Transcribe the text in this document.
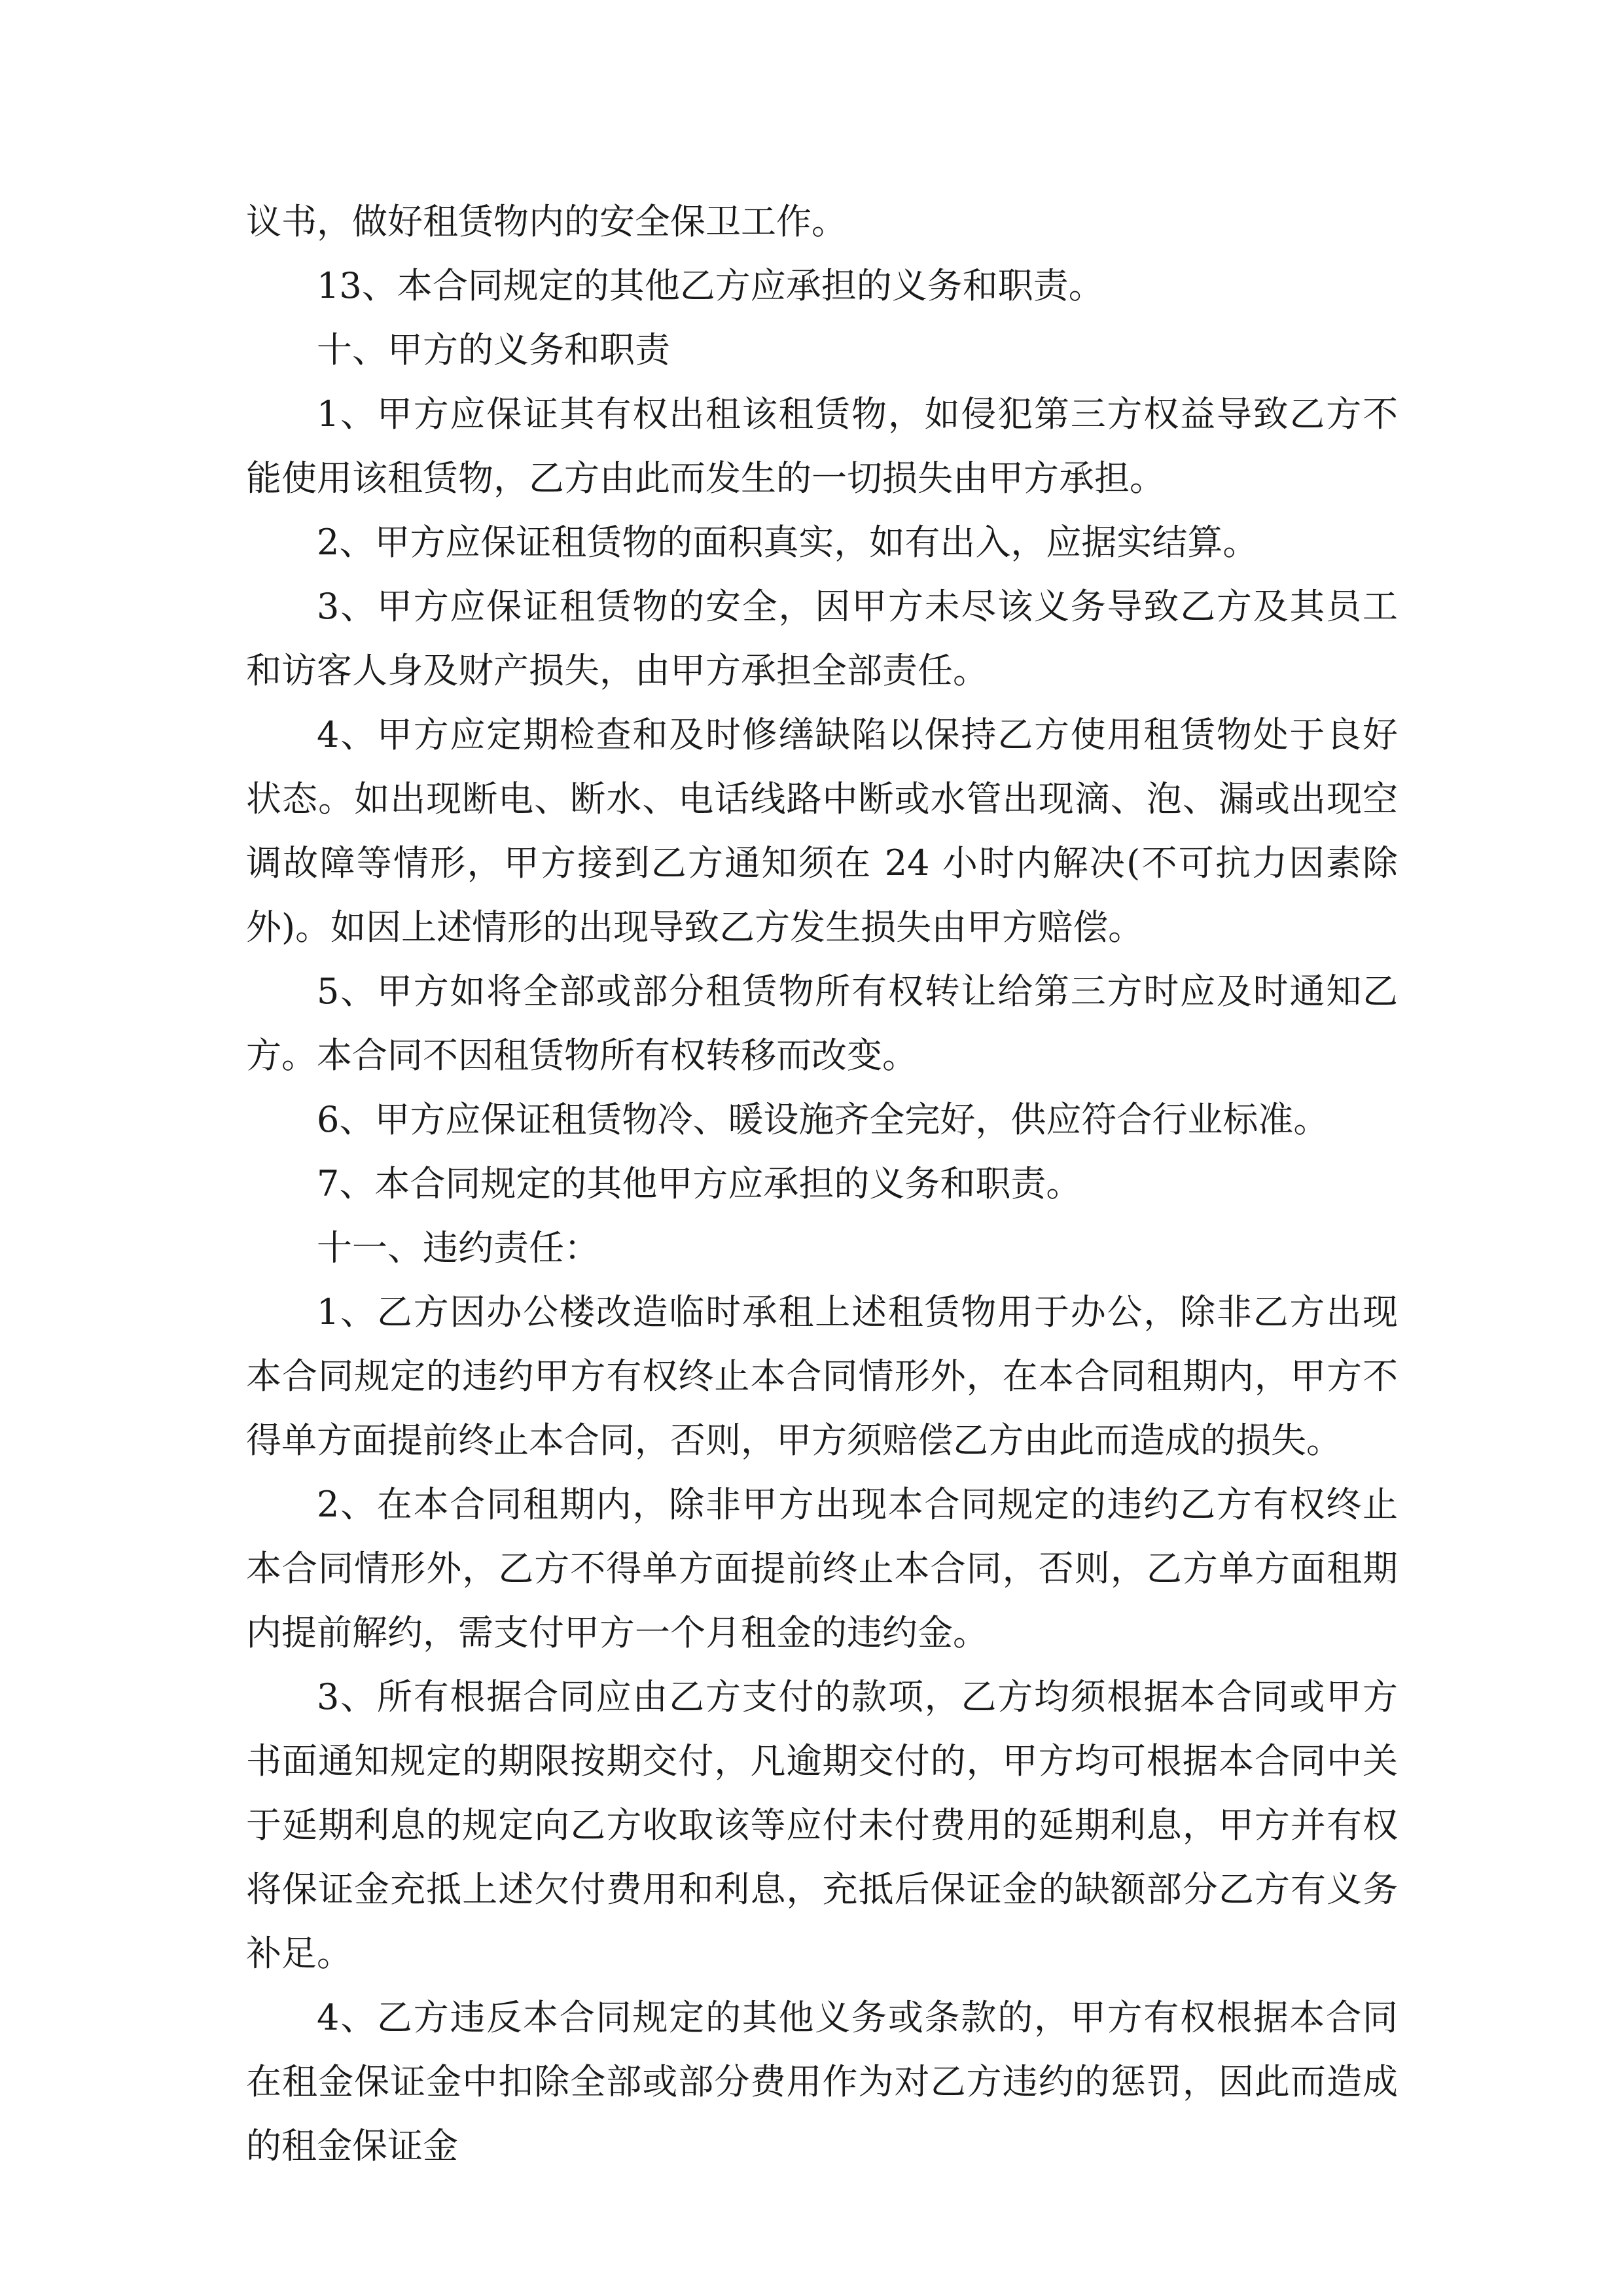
议书，做好租赁物内的安全保卫工作。

13、本合同规定的其他乙方应承担的义务和职责。

十、甲方的义务和职责

1、甲方应保证其有权出租该租赁物，如侵犯第三方权益导致乙方不能使用该租赁物，乙方由此而发生的一切损失由甲方承担。

2、甲方应保证租赁物的面积真实，如有出入，应据实结算。

3、甲方应保证租赁物的安全，因甲方未尽该义务导致乙方及其员工和访客人身及财产损失，由甲方承担全部责任。

4、甲方应定期检查和及时修缮缺陷以保持乙方使用租赁物处于良好状态。如出现断电、断水、电话线路中断或水管出现滴、泡、漏或出现空调故障等情形，甲方接到乙方通知须在 24 小时内解决(不可抗力因素除外)。如因上述情形的出现导致乙方发生损失由甲方赔偿。

5、甲方如将全部或部分租赁物所有权转让给第三方时应及时通知乙方。本合同不因租赁物所有权转移而改变。

6、甲方应保证租赁物冷、暖设施齐全完好，供应符合行业标准。

7、本合同规定的其他甲方应承担的义务和职责。

十一、违约责任：

1、乙方因办公楼改造临时承租上述租赁物用于办公，除非乙方出现本合同规定的违约甲方有权终止本合同情形外，在本合同租期内，甲方不得单方面提前终止本合同，否则，甲方须赔偿乙方由此而造成的损失。

2、在本合同租期内，除非甲方出现本合同规定的违约乙方有权终止本合同情形外，乙方不得单方面提前终止本合同，否则，乙方单方面租期内提前解约，需支付甲方一个月租金的违约金。

3、所有根据合同应由乙方支付的款项，乙方均须根据本合同或甲方书面通知规定的期限按期交付，凡逾期交付的，甲方均可根据本合同中关于延期利息的规定向乙方收取该等应付未付费用的延期利息，甲方并有权将保证金充抵上述欠付费用和利息，充抵后保证金的缺额部分乙方有义务补足。

4、乙方违反本合同规定的其他义务或条款的，甲方有权根据本合同在租金保证金中扣除全部或部分费用作为对乙方违约的惩罚，因此而造成的租金保证金
